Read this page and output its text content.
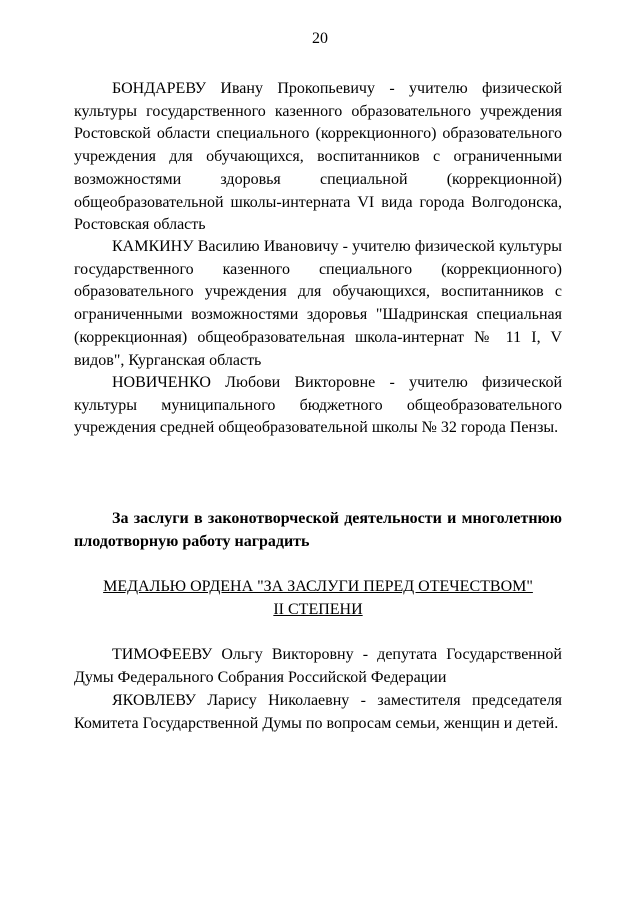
20

БОНДАРЕВУ Ивану Прокопьевичу - учителю физической культуры государственного казенного образовательного учреждения Ростовской области специального (коррекционного) образовательного учреждения для обучающихся, воспитанников с ограниченными возможностями здоровья специальной (коррекционной) общеобразовательной школы-интерната VI вида города Волгодонска, Ростовская область

КАМКИНУ Василию Ивановичу - учителю физической культуры государственного казенного специального (коррекционного) образовательного учреждения для обучающихся, воспитанников с ограниченными возможностями здоровья "Шадринская специальная (коррекционная) общеобразовательная школа-интернат № 11 I, V видов", Курганская область

НОВИЧЕНКО Любови Викторовне - учителю физической культуры муниципального бюджетного общеобразовательного учреждения средней общеобразовательной школы № 32 города Пензы.

За заслуги в законотворческой деятельности и многолетнюю плодотворную работу наградить

МЕДАЛЬЮ ОРДЕНА "ЗА ЗАСЛУГИ ПЕРЕД ОТЕЧЕСТВОМ"
II СТЕПЕНИ

ТИМОФЕЕВУ Ольгу Викторовну - депутата Государственной Думы Федерального Собрания Российской Федерации

ЯКОВЛЕВУ Ларису Николаевну - заместителя председателя Комитета Государственной Думы по вопросам семьи, женщин и детей.
